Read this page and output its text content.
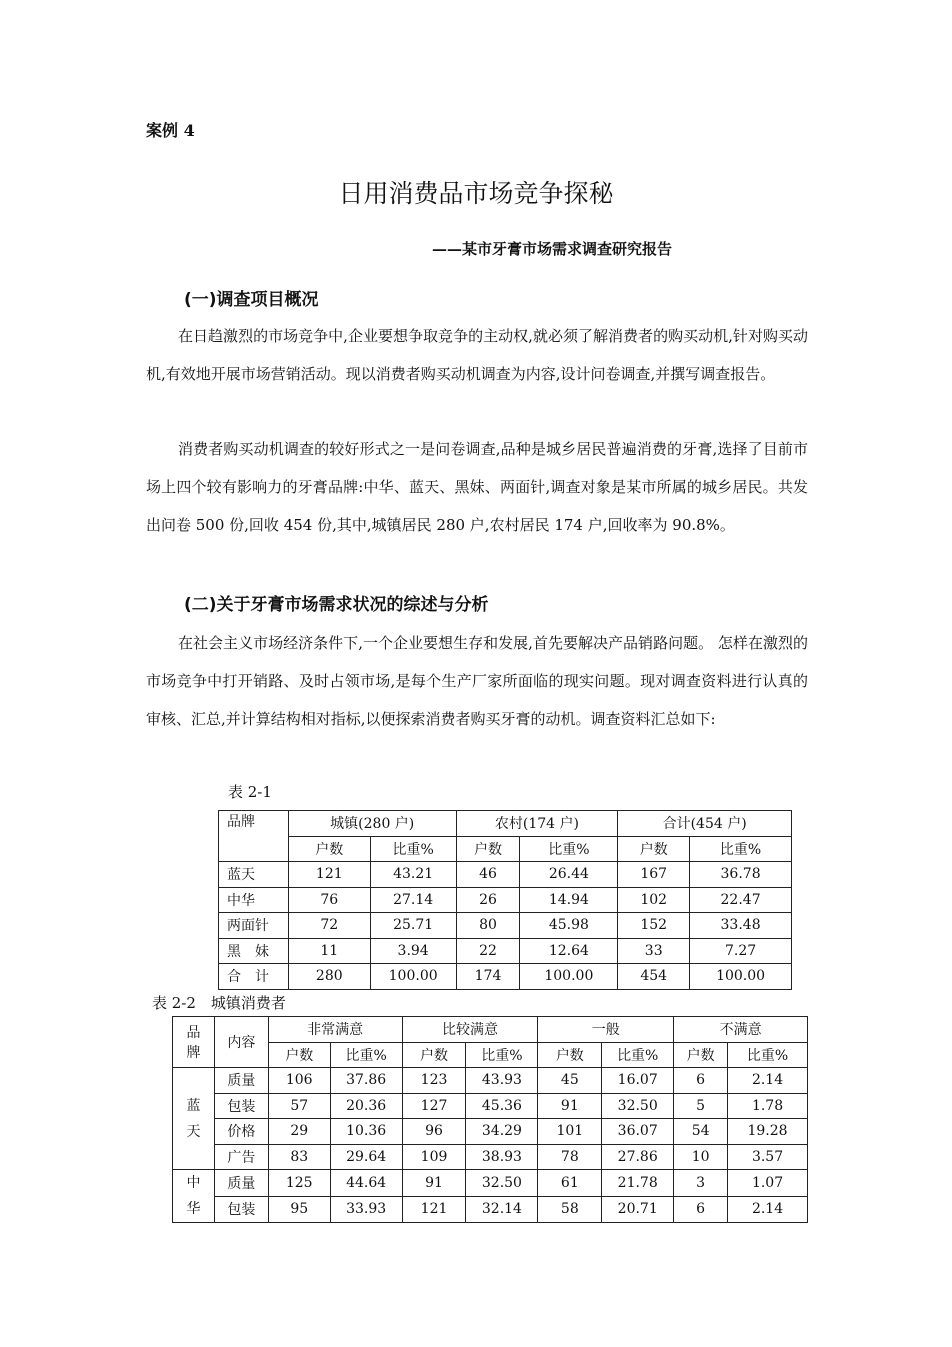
案例 4
日用消费品市场竞争探秘
——某市牙膏市场需求调查研究报告
(一)调查项目概况

在日趋激烈的市场竞争中,企业要想争取竞争的主动权,就必须了解消费者的购买动机,针对购买动机,有效地开展市场营销活动。现以消费者购买动机调查为内容,设计问卷调查,并撰写调查报告。

消费者购买动机调查的较好形式之一是问卷调查,品种是城乡居民普遍消费的牙膏,选择了目前市场上四个较有影响力的牙膏品牌:中华、蓝天、黑妹、两面针,调查对象是某市所属的城乡居民。共发出问卷 500 份,回收 454 份,其中,城镇居民 280 户,农村居民 174 户,回收率为 90.8%。

(二)关于牙膏市场需求状况的综述与分析

在社会主义市场经济条件下,一个企业要想生存和发展,首先要解决产品销路问题。 怎样在激烈的市场竞争中打开销路、及时占领市场,是每个生产厂家所面临的现实问题。现对调查资料进行认真的审核、汇总,并计算结构相对指标,以便探索消费者购买牙膏的动机。调查资料汇总如下:

表 2-1
品牌	城镇(280 户)		农村(174 户)		合计(454 户)	
	户数	比重%	户数	比重%	户数	比重%
蓝天	121	43.21	46	26.44	167	36.78
中华	76	27.14	26	14.94	102	22.47
两面针	72	25.71	80	45.98	152	33.48
黑　妹	11	3.94	22	12.64	33	7.27
合　计	280	100.00	174	100.00	454	100.00
表 2-2　城镇消费者
品
牌	内容	非常满意		比较满意		一般		不满意	
		户数	比重%	户数	比重%	户数	比重%	户数	比重%

蓝
天	质量	106	37.86	123	43.93	45	16.07	6	2.14
	包装	57	20.36	127	45.36	91	32.50	5	1.78
	价格	29	10.36	96	34.29	101	36.07	54	19.28
	广告	83	29.64	109	38.93	78	27.86	10	3.57

中
华	质量	125	44.64	91	32.50	61	21.78	3	1.07
	包装	95	33.93	121	32.14	58	20.71	6	2.14
